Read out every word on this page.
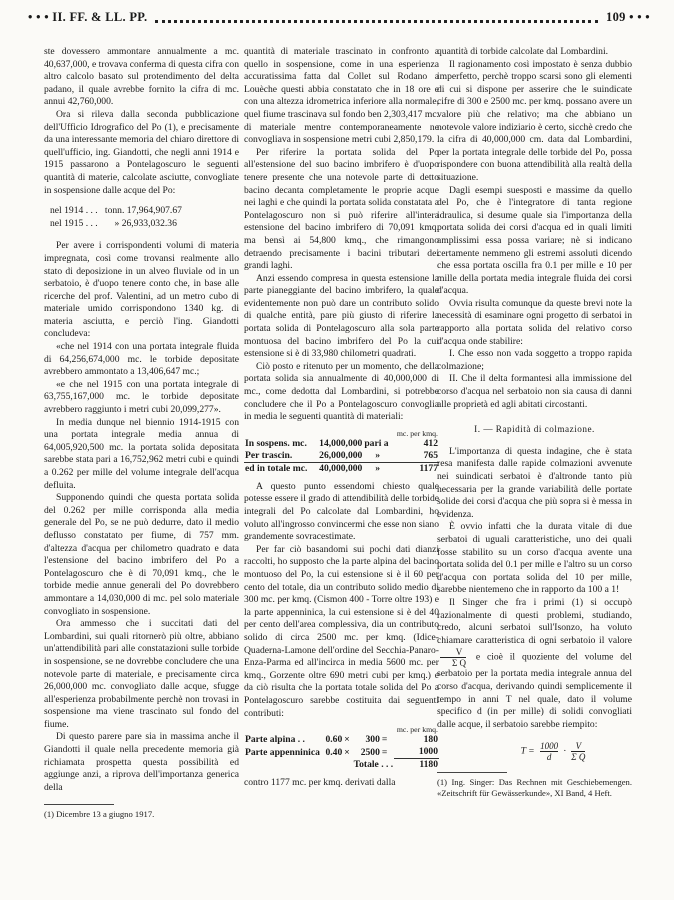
• • • II. FF. & LL. PP.	109 • • •

ste dovessero ammontare annualmente a mc. 40,637,000, e trovava conferma di questa cifra con altro calcolo basato sul protendimento del delta padano, il quale avrebbe fornito la cifra di mc. annui 42,760,000.

Ora si rileva dalla seconda pubblicazione dell'Ufficio Idrografico del Po (1), e precisamente da una interessante memoria del chiaro direttore di quell'ufficio, ing. Giandotti, che negli anni 1914 e 1915 passarono a Pontelagoscuro le seguenti quantità di materie, calcolate asciutte, convogliate in sospensione dalle acque del Po:

nel 1914 . . . tonn. 17,964,907.67
nel 1915 . . . » 26,933,032.36

Per avere i corrispondenti volumi di materia impregnata, così come trovansi realmente allo stato di deposizione in un alveo fluviale od in un serbatoio, è d'uopo tenere conto che, in base alle ricerche del prof. Valentini, ad un metro cubo di materiale umido corrispondono 1340 kg. di materia asciutta, e perciò l'ing. Giandotti concludeva:

«che nel 1914 con una portata integrale fluida di 64,256,674,000 mc. le torbide depositate avrebbero ammontato a 13,406,647 mc.;

«e che nel 1915 con una portata integrale di 63,755,167,000 mc. le torbide depositate avrebbero raggiunto i metri cubi 20,099,277».

In media dunque nel biennio 1914-1915 con una portata integrale media annua di 64,005,920,500 mc. la portata solida depositata sarebbe stata pari a 16,752,962 metri cubi e quindi a 0.262 per mille del volume integrale dell'acqua defluita.

Supponendo quindi che questa portata solida del 0.262 per mille corrisponda alla media generale del Po, se ne può dedurre, dato il medio deflusso constatato per fiume, di 757 mm. d'altezza d'acqua per chilometro quadrato e data l'estensione del bacino imbrifero del Po a Pontelagoscuro che è di 70,091 kmq., che le torbide medie annue generali del Po dovrebbero ammontare a 14,030,000 di mc. pel solo materiale convogliato in sospensione.

Ora ammesso che i succitati dati del Lombardini, sui quali ritornerò più oltre, abbiano un'attendibilità pari alle constatazioni sulle torbide in sospensione, se ne dovrebbe concludere che una notevole parte di materiale, e precisamente circa 26,000,000 mc. convogliato dalle acque, sfugge all'esperienza probabilmente perchè non trovasi in sospensione ma viene trascinato sul fondo del fiume.

Di questo parere pare sia in massima anche il Giandotti il quale nella precedente memoria già richiamata prospetta questa possibilità ed aggiunge anzi, a riprova dell'importanza generica della

(1) Dicembre 13 a giugno 1917.

quantità di materiale trascinato in confronto a quello in sospensione, come in una esperienza accuratissima fatta dal Collet sul Rodano a Louèche questi abbia constatato che in 18 ore e con una altezza idrometrica inferiore alla normale, quel fiume trascinava sul fondo ben 2,303,417 mc. di materiale mentre contemporaneamente ne convogliava in sospensione metri cubi 2,850,179.

Per riferire la portata solida del Po all'estensione del suo bacino imbrifero è d'uopo tenere presente che una notevole parte di detto bacino decanta completamente le proprie acque nei laghi e che quindi la portata solida constatata a Pontelagoscuro non si può riferire all'intera estensione del bacino imbrifero di 70,091 kmq. ma bensì ai 54,800 kmq., che rimangono detraendo precisamente i bacini tributari dei grandi laghi.

Anzi essendo compresa in questa estensione la parte pianeggiante del bacino imbrifero, la quale evidentemente non può dare un contributo solido di qualche entità, pare più giusto di riferire la portata solida di Pontelagoscuro alla sola parte montuosa del bacino imbrifero del Po la cui estensione si è di 33,980 chilometri quadrati.

Ciò posto e ritenuto per un momento, che della portata solida sia annualmente di 40,000,000 di mc., come dedotta dal Lombardini, si potrebbe concludere che il Po a Pontelagoscuro convoglia in media le seguenti quantità di materiali:

			mc. per kmq.
In sospens. mc.	14,000,000	pari a	412
Per trascin.	26,000,000	»	765
ed in totale mc.	40,000,000	»	1177

A questo punto essendomi chiesto quale potesse essere il grado di attendibilità delle torbide integrali del Po calcolate dal Lombardini, ho voluto all'ingrosso convincermi che esse non siano grandemente sovracestimate.

Per far ciò basandomi sui pochi dati dianzi raccolti, ho supposto che la parte alpina del bacino montuoso del Po, la cui estensione si è il 60 per cento del totale, dia un contributo solido medio di 300 mc. per kmq. (Cismon 400 - Torre oltre 193) e la parte appenninica, la cui estensione si è del 40 per cento dell'area complessiva, dia un contributo solido di circa 2500 mc. per kmq. (Idice-Quaderna-Lamone dell'ordine del Secchia-Panaro-Enza-Parma ed all'incirca in media 5600 mc. per kmq., Gorzente oltre 690 metri cubi per kmq.) e da ciò risulta che la portata totale solida del Po a Pontelagoscuro sarebbe costituita dai seguenti contributi:

						mc. per kmq.
Parte alpina . .	0.60	×	300	=		180
Parte appenninica	0.40	×	2500	=		1000
			Totale . . .			1180

contro 1177 mc. per kmq. derivati dalla

quantità di torbide calcolate dal Lombardini.

Il ragionamento così impostato è senza dubbio imperfetto, perchè troppo scarsi sono gli elementi di cui si dispone per asserire che le suindicate cifre di 300 e 2500 mc. per kmq. possano avere un valore più che relativo; ma che abbiano un notevole valore indiziario è certo, sicchè credo che la cifra di 40,000,000 cm. data dal Lombardini, per la portata integrale delle torbide del Po, possa rispondere con buona attendibilità alla realtà della situazione.

Dagli esempi suesposti e massime da quello del Po, che è l'integratore di tanta regione idraulica, si desume quale sia l'importanza della portata solida dei corsi d'acqua ed in quali limiti amplissimi essa possa variare; nè si indicano certamente nemmeno gli estremi assoluti dicendo che essa portata oscilla fra 0.1 per mille e 10 per mille della portata media integrale fluida dei corsi d'acqua.

Ovvia risulta comunque da queste brevi note la necessità di esaminare ogni progetto di serbatoi in rapporto alla portata solida del relativo corso d'acqua onde stabilire:

I. Che esso non vada soggetto a troppo rapida colmazione;

II. Che il delta formantesi alla immissione del corso d'acqua nel serbatoio non sia causa di danni alle proprietà ed agli abitati circostanti.

I. — Rapidità di colmazione.

L'importanza di questa indagine, che è stata resa manifesta dalle rapide colmazioni avvenute nei suindicati serbatoi è d'altronde tanto più necessaria per la grande variabilità delle portate solide dei corsi d'acqua che più sopra si è messa in evidenza.

È ovvio infatti che la durata vitale di due serbatoi di uguali caratteristiche, uno dei quali fosse stabilito su un corso d'acqua avente una portata solida del 0.1 per mille e l'altro su un corso d'acqua con portata solida del 10 per mille, sarebbe nientemeno che in rapporto da 100 a 1!

Il Singer che fra i primi (1) si occupò razionalmente di questi problemi, studiando, credo, alcuni serbatoi sull'Isonzo, ha voluto chiamare caratteristica di ogni serbatoio il valore
$\frac{V}{\text{Σ Q}}$ e cioè il quoziente del volume del serbatoio per la portata media integrale annua del corso d'acqua, derivando quindi semplicemente il tempo in anni T nel quale, dato il volume specifico d (in per mille) di solidi convogliati dalle acque, il serbatoio sarebbe riempito:

$T = \frac{1000}{d} \cdot \frac{V}{\text{Σ Q}}$
(1) Ing. Singer: Das Rechnen mit Geschiebemengen. «Zeitschrift für Gewässerkunde», XI Band, 4 Heft.
